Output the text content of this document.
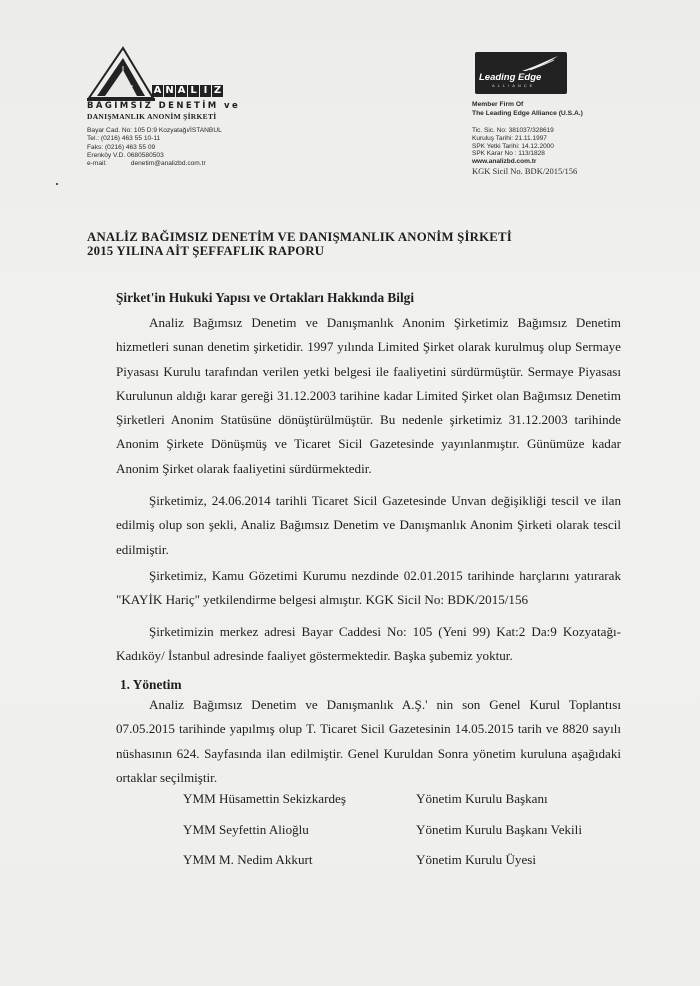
A N A L I Z
BAĞIMSIZ DENETİM ve
DANIŞMANLIK ANONİM ŞİRKETİ
Bayar Cad. No: 105 D:9 Kozyatağı/İSTANBUL
Tel.: (0216) 463 55 10-11
Faks: (0216) 463 55 09
Erenköy V.D. 0680580503
e-mail:	denetim@analizbd.com.tr
Leading Edge
ALLIANCE
Member Firm Of
The Leading Edge Alliance (U.S.A.)
Tic. Sic. No: 381037/328619
Kuruluş Tarihi: 21.11.1997
SPK Yetki Tarihi: 14.12.2000
SPK Karar No : 113/1828
www.analizbd.com.tr
KGK Sicil No. BDK/2015/156
ANALİZ BAĞIMSIZ DENETİM VE DANIŞMANLIK ANONİM ŞİRKETİ
2015 YILINA AİT ŞEFFAFLIK RAPORU
Şirket'in Hukuki Yapısı ve Ortakları Hakkında Bilgi
Analiz Bağımsız Denetim ve Danışmanlık Anonim Şirketimiz Bağımsız Denetim hizmetleri sunan denetim şirketidir. 1997 yılında Limited Şirket olarak kurulmuş olup Sermaye Piyasası Kurulu tarafından verilen yetki belgesi ile faaliyetini sürdürmüştür. Sermaye Piyasası Kurulunun aldığı karar gereği 31.12.2003 tarihine kadar Limited Şirket olan Bağımsız Denetim Şirketleri Anonim Statüsüne dönüştürülmüştür. Bu nedenle şirketimiz 31.12.2003 tarihinde Anonim Şirkete Dönüşmüş ve Ticaret Sicil Gazetesinde yayınlanmıştır. Günümüze kadar Anonim Şirket olarak faaliyetini sürdürmektedir.
Şirketimiz, 24.06.2014 tarihli Ticaret Sicil Gazetesinde Unvan değişikliği tescil ve ilan edilmiş olup son şekli, Analiz Bağımsız Denetim ve Danışmanlık Anonim Şirketi olarak tescil edilmiştir.
Şirketimiz, Kamu Gözetimi Kurumu nezdinde 02.01.2015 tarihinde harçlarını yatırarak "KAYİK Hariç" yetkilendirme belgesi almıştır. KGK Sicil No: BDK/2015/156
Şirketimizin merkez adresi Bayar Caddesi No: 105 (Yeni 99) Kat:2 Da:9 Kozyatağı-Kadıköy/ İstanbul adresinde faaliyet göstermektedir. Başka şubemiz yoktur.
1. Yönetim
Analiz Bağımsız Denetim ve Danışmanlık A.Ş.' nin son Genel Kurul Toplantısı 07.05.2015 tarihinde yapılmış olup T. Ticaret Sicil Gazetesinin 14.05.2015 tarih ve 8820 sayılı nüshasının 624. Sayfasında ilan edilmiştir. Genel Kuruldan Sonra yönetim kuruluna aşağıdaki ortaklar seçilmiştir.
YMM Hüsamettin Sekizkardeş	Yönetim Kurulu Başkanı
YMM Seyfettin Alioğlu	Yönetim Kurulu Başkanı Vekili
YMM M. Nedim Akkurt	Yönetim Kurulu Üyesi
